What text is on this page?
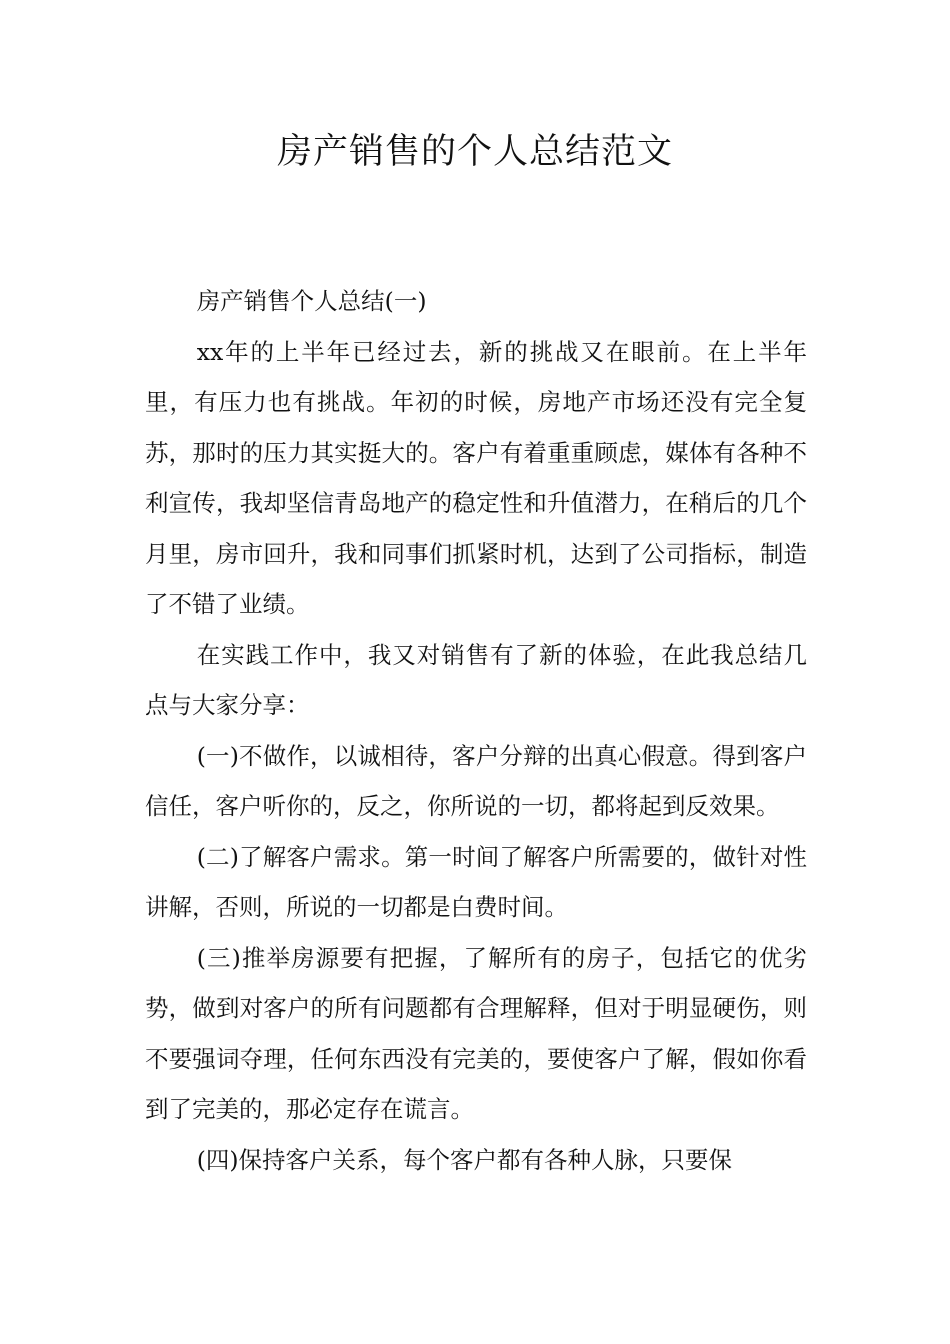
房产销售的个人总结范文

房产销售个人总结(一)

xx年的上半年已经过去，新的挑战又在眼前。在上半年里，有压力也有挑战。年初的时候，房地产市场还没有完全复苏，那时的压力其实挺大的。客户有着重重顾虑，媒体有各种不利宣传，我却坚信青岛地产的稳定性和升值潜力，在稍后的几个月里，房市回升，我和同事们抓紧时机，达到了公司指标，制造了不错了业绩。

在实践工作中，我又对销售有了新的体验，在此我总结几点与大家分享：

(一)不做作，以诚相待，客户分辩的出真心假意。得到客户信任，客户听你的，反之，你所说的一切，都将起到反效果。

(二)了解客户需求。第一时间了解客户所需要的，做针对性讲解，否则，所说的一切都是白费时间。

(三)推举房源要有把握，了解所有的房子，包括它的优劣势，做到对客户的所有问题都有合理解释，但对于明显硬伤，则不要强词夺理，任何东西没有完美的，要使客户了解，假如你看到了完美的，那必定存在谎言。

(四)保持客户关系，每个客户都有各种人脉，只要保
